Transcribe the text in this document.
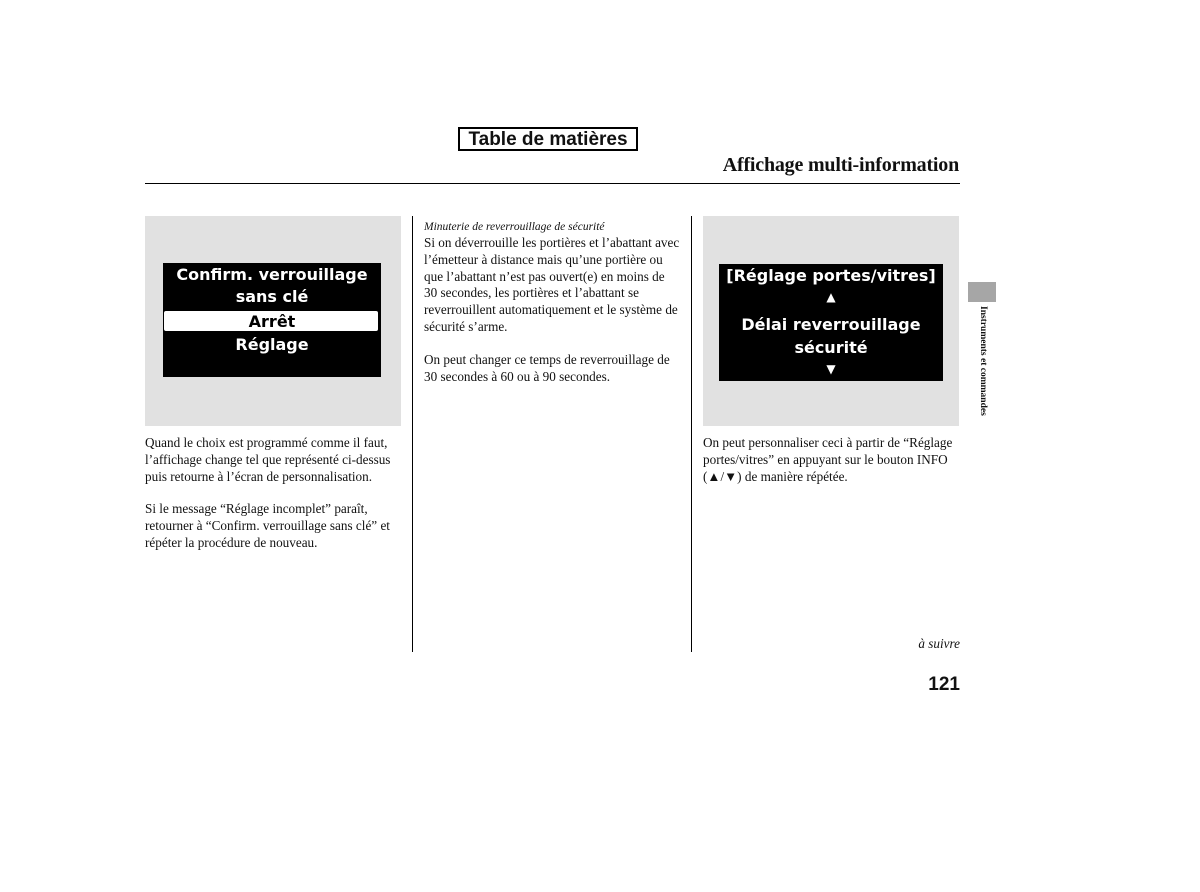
Table de matières
Affichage multi-information
Confirm. verrouillage
sans clé
Arrêt
Réglage

Quand le choix est programmé comme il faut, l’affichage change tel que représenté ci-dessus puis retourne à l’écran de personnalisation.

Si le message “Réglage incomplet” paraît, retourner à “Confirm. verrouillage sans clé” et répéter la procédure de nouveau.

Minuterie de reverrouillage de sécurité

Si on déverrouille les portières et l’abattant avec l’émetteur à distance mais qu’une portière ou que l’abattant n’est pas ouvert(e) en moins de 30 secondes, les portières et l’abattant se reverrouillent automatiquement et le système de sécurité s’arme.

On peut changer ce temps de reverrouillage de 30 secondes à 60 ou à 90 secondes.

[Réglage portes/vitres]
▲
Délai reverrouillage
sécurité
▼

On peut personnaliser ceci à partir de “Réglage portes/vitres” en appuyant sur le bouton INFO (▲/▼) de manière répétée.

à suivre
121
Instruments et commandes
